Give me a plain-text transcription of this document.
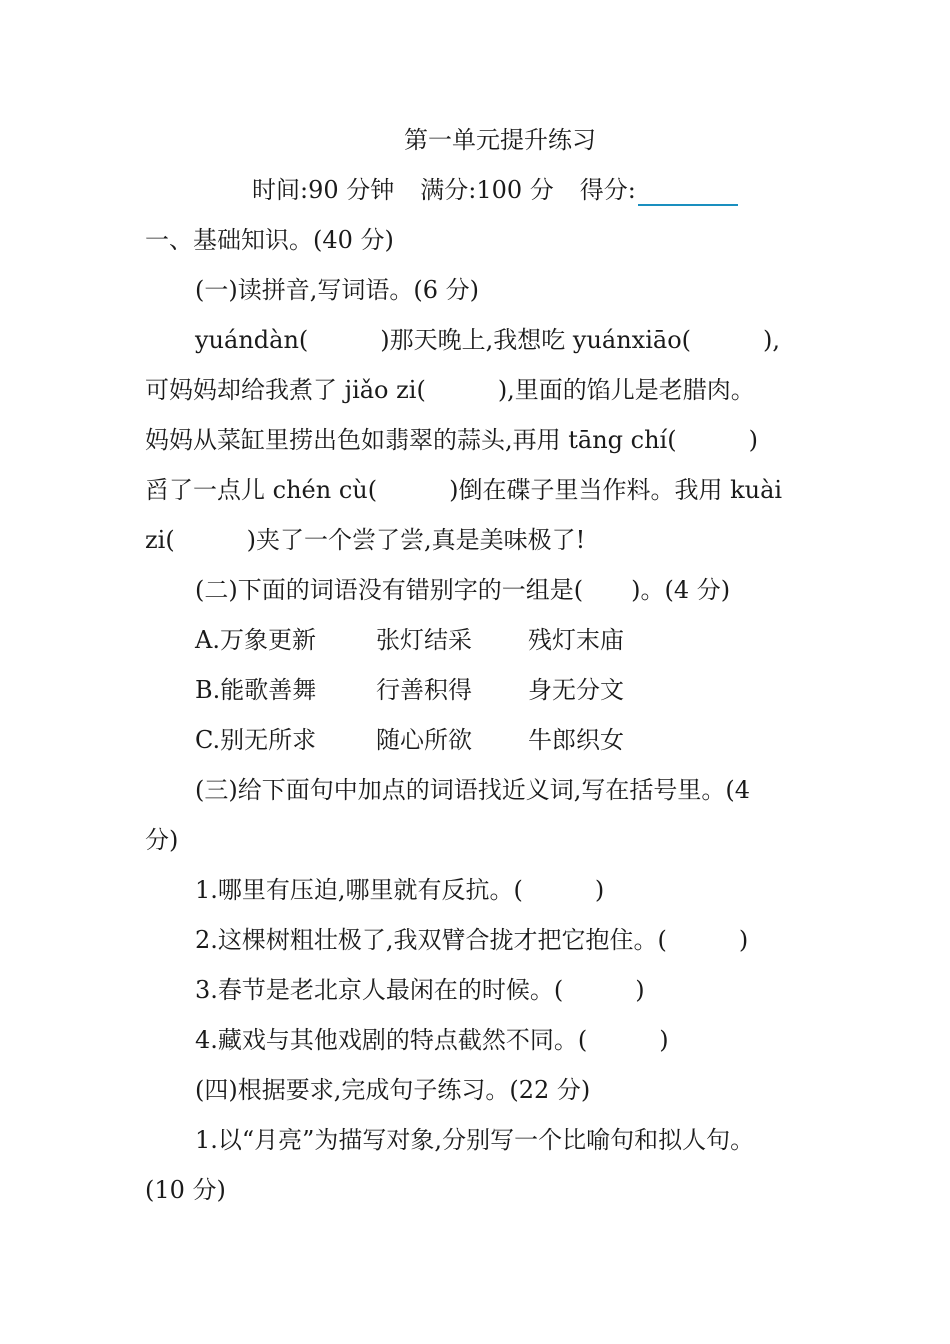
第一单元提升练习
时间:90 分钟 满分:100 分 得分:
一、基础知识。(40 分)
(一)读拼音,写词语。(6 分)
yuándàn(　　　)那天晚上,我想吃 yuánxiāo(　　　),
可妈妈却给我煮了 jiǎo zi(　　　),里面的馅儿是老腊肉。
妈妈从菜缸里捞出色如翡翠的蒜头,再用 tāng chí(　　　)
舀了一点儿 chén cù(　　　)倒在碟子里当作料。我用 kuài
zi(　　　)夹了一个尝了尝,真是美味极了!
(二)下面的词语没有错别字的一组是(　　)。(4 分)
A.万象更新	张灯结采 残灯末庙
B.能歌善舞 行善积得 身无分文
C.别无所求 随心所欲 牛郎织女
(三)给下面句中加点的词语找近义词,写在括号里。(4
分)
1.哪里有压迫,哪里就有反抗。(　　　)
2.这棵树粗壮极了,我双臂合拢才把它抱住。(　　　)
3.春节是老北京人最闲在的时候。(　　　)
4.藏戏与其他戏剧的特点截然不同。(　　　)
(四)根据要求,完成句子练习。(22 分)
1.以“月亮”为描写对象,分别写一个比喻句和拟人句。
(10 分)
